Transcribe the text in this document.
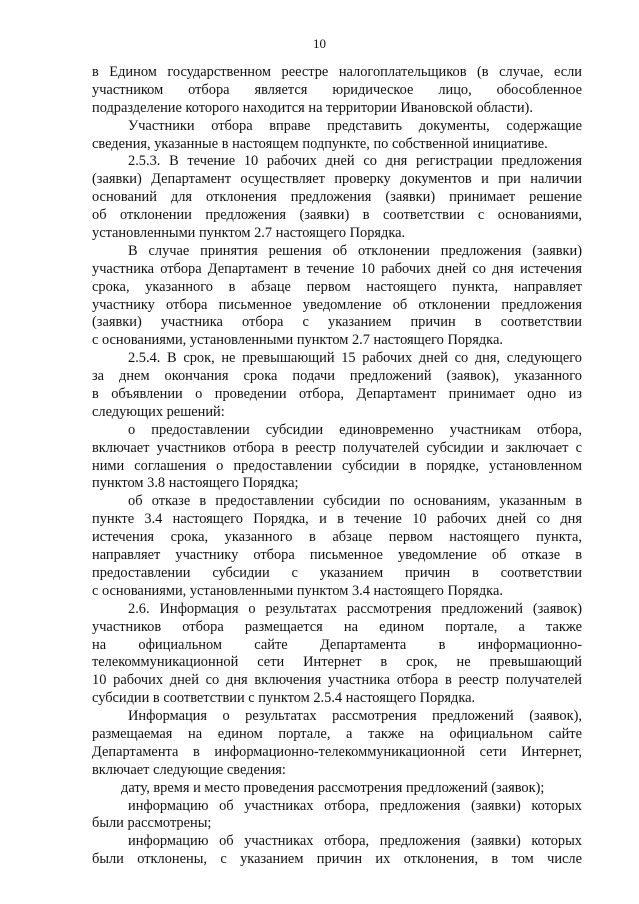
10
в Едином государственном реестре налогоплательщиков (в случае, если
участником отбора является юридическое лицо, обособленное
подразделение которого находится на территории Ивановской области).
Участники отбора вправе представить документы, содержащие
сведения, указанные в настоящем подпункте, по собственной инициативе.
2.5.3. В течение 10 рабочих дней со дня регистрации предложения
(заявки) Департамент осуществляет проверку документов и при наличии
оснований для отклонения предложения (заявки) принимает решение
об отклонении предложения (заявки) в соответствии с основаниями,
установленными пунктом 2.7 настоящего Порядка.
В случае принятия решения об отклонении предложения (заявки)
участника отбора Департамент в течение 10 рабочих дней со дня истечения
срока, указанного в абзаце первом настоящего пункта, направляет
участнику отбора письменное уведомление об отклонении предложения
(заявки) участника отбора с указанием причин в соответствии
с основаниями, установленными пунктом 2.7 настоящего Порядка.
2.5.4. В срок, не превышающий 15 рабочих дней со дня, следующего
за днем окончания срока подачи предложений (заявок), указанного
в объявлении о проведении отбора, Департамент принимает одно из
следующих решений:
о предоставлении субсидии единовременно участникам отбора,
включает участников отбора в реестр получателей субсидии и заключает с
ними соглашения о предоставлении субсидии в порядке, установленном
пунктом 3.8 настоящего Порядка;
об отказе в предоставлении субсидии по основаниям, указанным в
пункте 3.4 настоящего Порядка, и в течение 10 рабочих дней со дня
истечения срока, указанного в абзаце первом настоящего пункта,
направляет участнику отбора письменное уведомление об отказе в
предоставлении субсидии с указанием причин в соответствии
с основаниями, установленными пунктом 3.4 настоящего Порядка.
2.6. Информация о результатах рассмотрения предложений (заявок)
участников отбора размещается на едином портале, а также
на официальном сайте Департамента в информационно-
телекоммуникационной сети Интернет в срок, не превышающий
10 рабочих дней со дня включения участника отбора в реестр получателей
субсидии в соответствии с пунктом 2.5.4 настоящего Порядка.
Информация о результатах рассмотрения предложений (заявок),
размещаемая на едином портале, а также на официальном сайте
Департамента в информационно-телекоммуникационной сети Интернет,
включает следующие сведения:
дату, время и место проведения рассмотрения предложений (заявок);
информацию об участниках отбора, предложения (заявки) которых
были рассмотрены;
информацию об участниках отбора, предложения (заявки) которых
были отклонены, с указанием причин их отклонения, в том числе
